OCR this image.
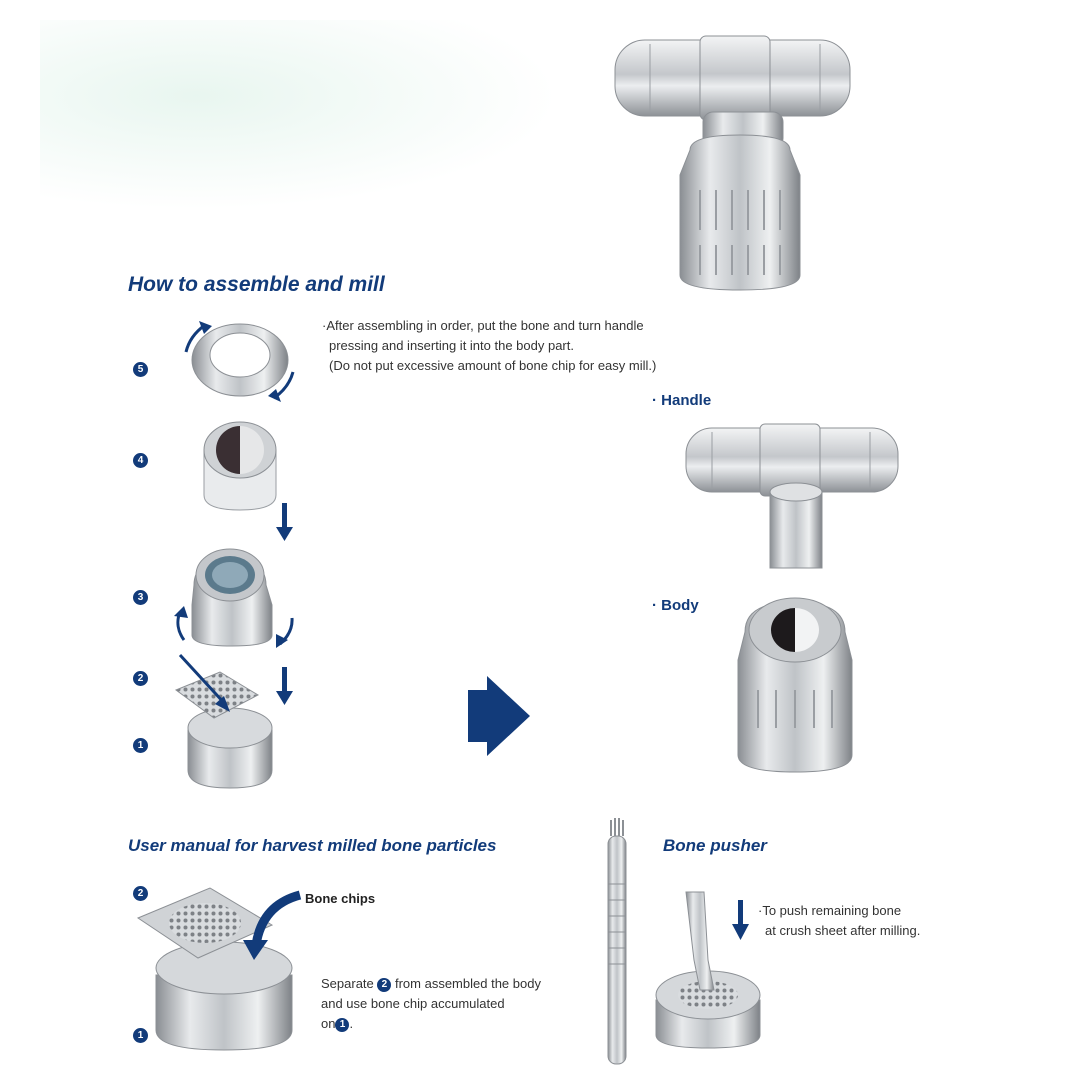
How to assemble and mill
·After assembling in order, put the bone and turn handle
pressing and inserting it into the body part.
(Do not put excessive amount of bone chip for easy mill.)
5
4
3
2
1
· Handle
· Body
User manual for harvest milled bone particles
2
1
Bone chips
Separate 2 from assembled the body
and use bone chip accumulated
on 1 .
Bone pusher
·To push remaining bone
at crush sheet after milling.
